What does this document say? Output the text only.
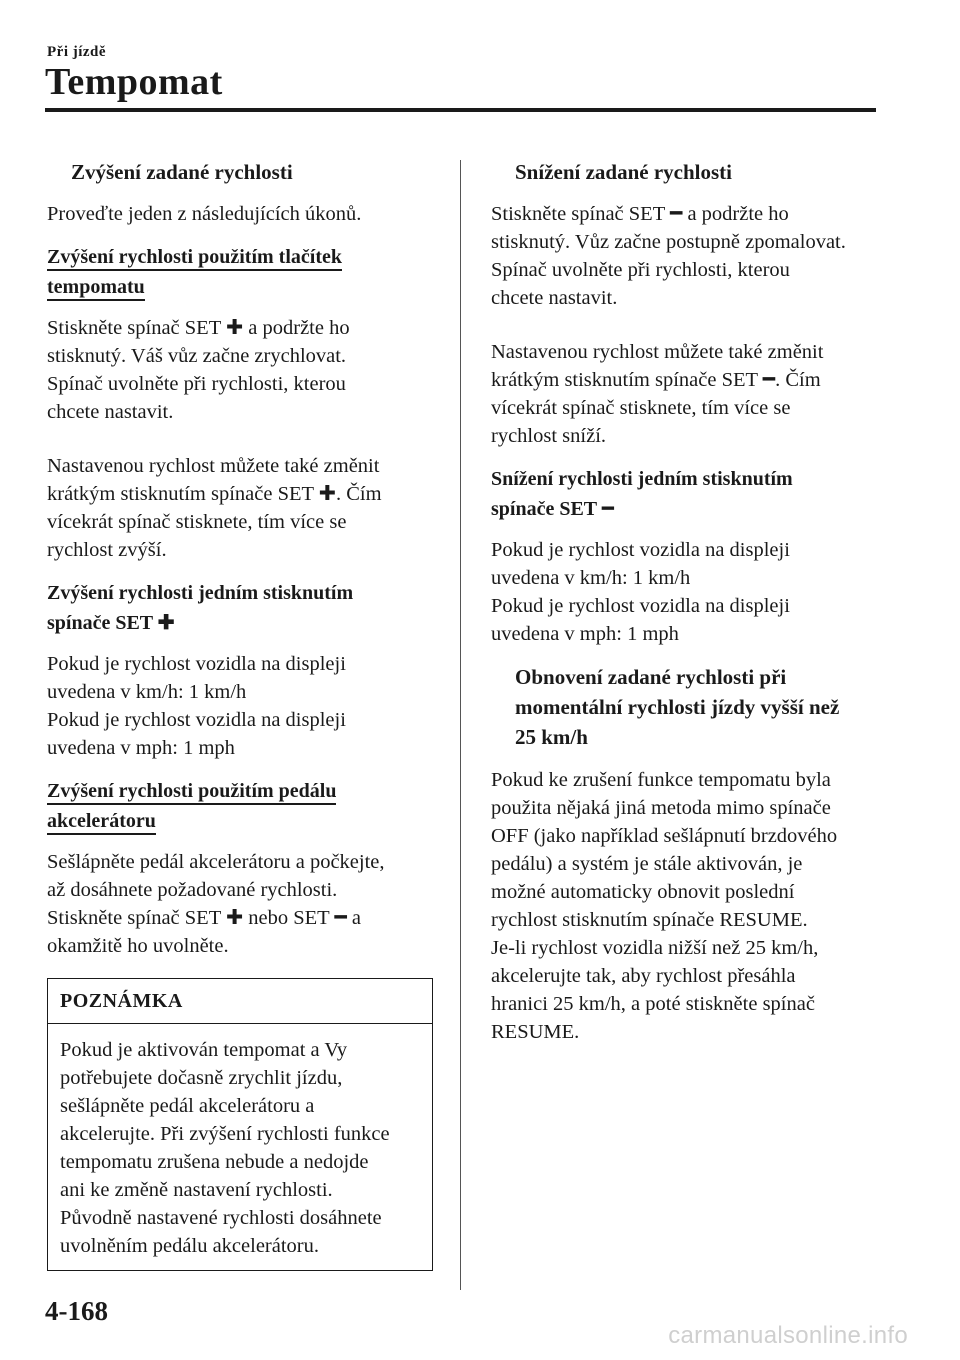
Při jízdě
Tempomat

Zvýšení zadané rychlosti

Proveďte jeden z následujících úkonů.

Zvýšení rychlosti použitím tlačítek
tempomatu

Stiskněte spínač SET ✚ a podržte ho
stisknutý. Váš vůz začne zrychlovat.
Spínač uvolněte při rychlosti, kterou
chcete nastavit.

Nastavenou rychlost můžete také změnit
krátkým stisknutím spínače SET ✚. Čím
vícekrát spínač stisknete, tím více se
rychlost zvýší.

Zvýšení rychlosti jedním stisknutím
spínače SET ✚

Pokud je rychlost vozidla na displeji
uvedena v km/h: 1 km/h
Pokud je rychlost vozidla na displeji
uvedena v mph: 1 mph

Zvýšení rychlosti použitím pedálu
akcelerátoru

Sešlápněte pedál akcelerátoru a počkejte,
až dosáhnete požadované rychlosti.
Stiskněte spínač SET ✚ nebo SET ━ a
okamžitě ho uvolněte.

POZNÁMKA
Pokud je aktivován tempomat a Vy
potřebujete dočasně zrychlit jízdu,
sešlápněte pedál akcelerátoru a
akcelerujte. Při zvýšení rychlosti funkce
tempomatu zrušena nebude a nedojde
ani ke změně nastavení rychlosti.
Původně nastavené rychlosti dosáhnete
uvolněním pedálu akcelerátoru.

Snížení zadané rychlosti

Stiskněte spínač SET ━ a podržte ho
stisknutý. Vůz začne postupně zpomalovat.
Spínač uvolněte při rychlosti, kterou
chcete nastavit.

Nastavenou rychlost můžete také změnit
krátkým stisknutím spínače SET ━. Čím
vícekrát spínač stisknete, tím více se
rychlost sníží.

Snížení rychlosti jedním stisknutím
spínače SET ━

Pokud je rychlost vozidla na displeji
uvedena v km/h: 1 km/h
Pokud je rychlost vozidla na displeji
uvedena v mph: 1 mph

Obnovení zadané rychlosti při
momentální rychlosti jízdy vyšší než
25 km/h

Pokud ke zrušení funkce tempomatu byla
použita nějaká jiná metoda mimo spínače
OFF (jako například sešlápnutí brzdového
pedálu) a systém je stále aktivován, je
možné automaticky obnovit poslední
rychlost stisknutím spínače RESUME.
Je-li rychlost vozidla nižší než 25 km/h,
akcelerujte tak, aby rychlost přesáhla
hranici 25 km/h, a poté stiskněte spínač
RESUME.

4-168
carmanualsonline.info
